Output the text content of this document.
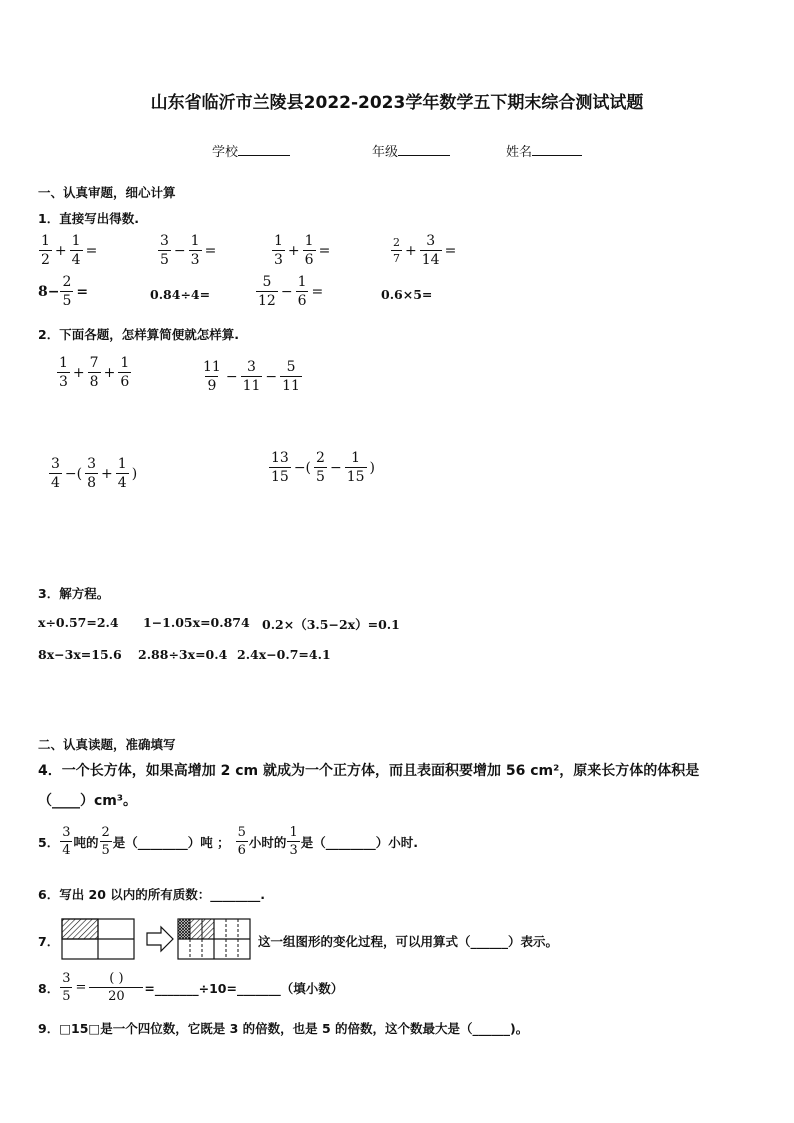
山东省临沂市兰陵县2022-2023学年数学五下期末综合测试试题
学校	年级	姓名
一、认真审题，细心计算
1．直接写出得数.
$\frac{1}{2} + \frac{1}{4}$ =	$\frac{3}{5} - \frac{1}{3}$ =	$\frac{1}{3} + \frac{1}{6}$ =	$\frac{2}{7} + \frac{3}{14}$ =
$8- \frac{2}{5}$ =	0.84÷4=	$\frac{5}{12} - \frac{1}{6}$ =	0.6×5=
2．下面各题，怎样算简便就怎样算.
$\frac{1}{3} + \frac{7}{8} + \frac{1}{6}$	$\frac{11}{9} - \frac{3}{11} - \frac{5}{11}$
$\frac{3}{4}$ −( $\frac{3}{8} + \frac{1}{4}$ )	$\frac{13}{15}$ −( $\frac{2}{5} - \frac{1}{15}$ )
3．解方程。
x÷0.57=2.4 1−1.05x=0.874 0.2×（3.5−2x）=0.1
8x−3x=15.6 2.88÷3x=0.4 2.4x−0.7=4.1
二、认真读题，准确填写
4．一个长方体，如果高增加 2 cm 就成为一个正方体，而且表面积要增加 56 cm²，原来长方体的体积是
（____）cm³。
5． $\frac{3}{4}$ 吨的 $\frac{2}{5}$ 是（________）吨 ； $\frac{5}{6}$ 小时的 $\frac{1}{3}$ 是（________）小时.
6．写出 20 以内的所有质数：________.
7．	这一组图形的变化过程，可以用算式（______）表示。
8． $\frac{3}{5} = \frac{( )}{20}$ =_______÷10=_______（填小数）
9．□15□是一个四位数，它既是 3 的倍数，也是 5 的倍数，这个数最大是（______)。
